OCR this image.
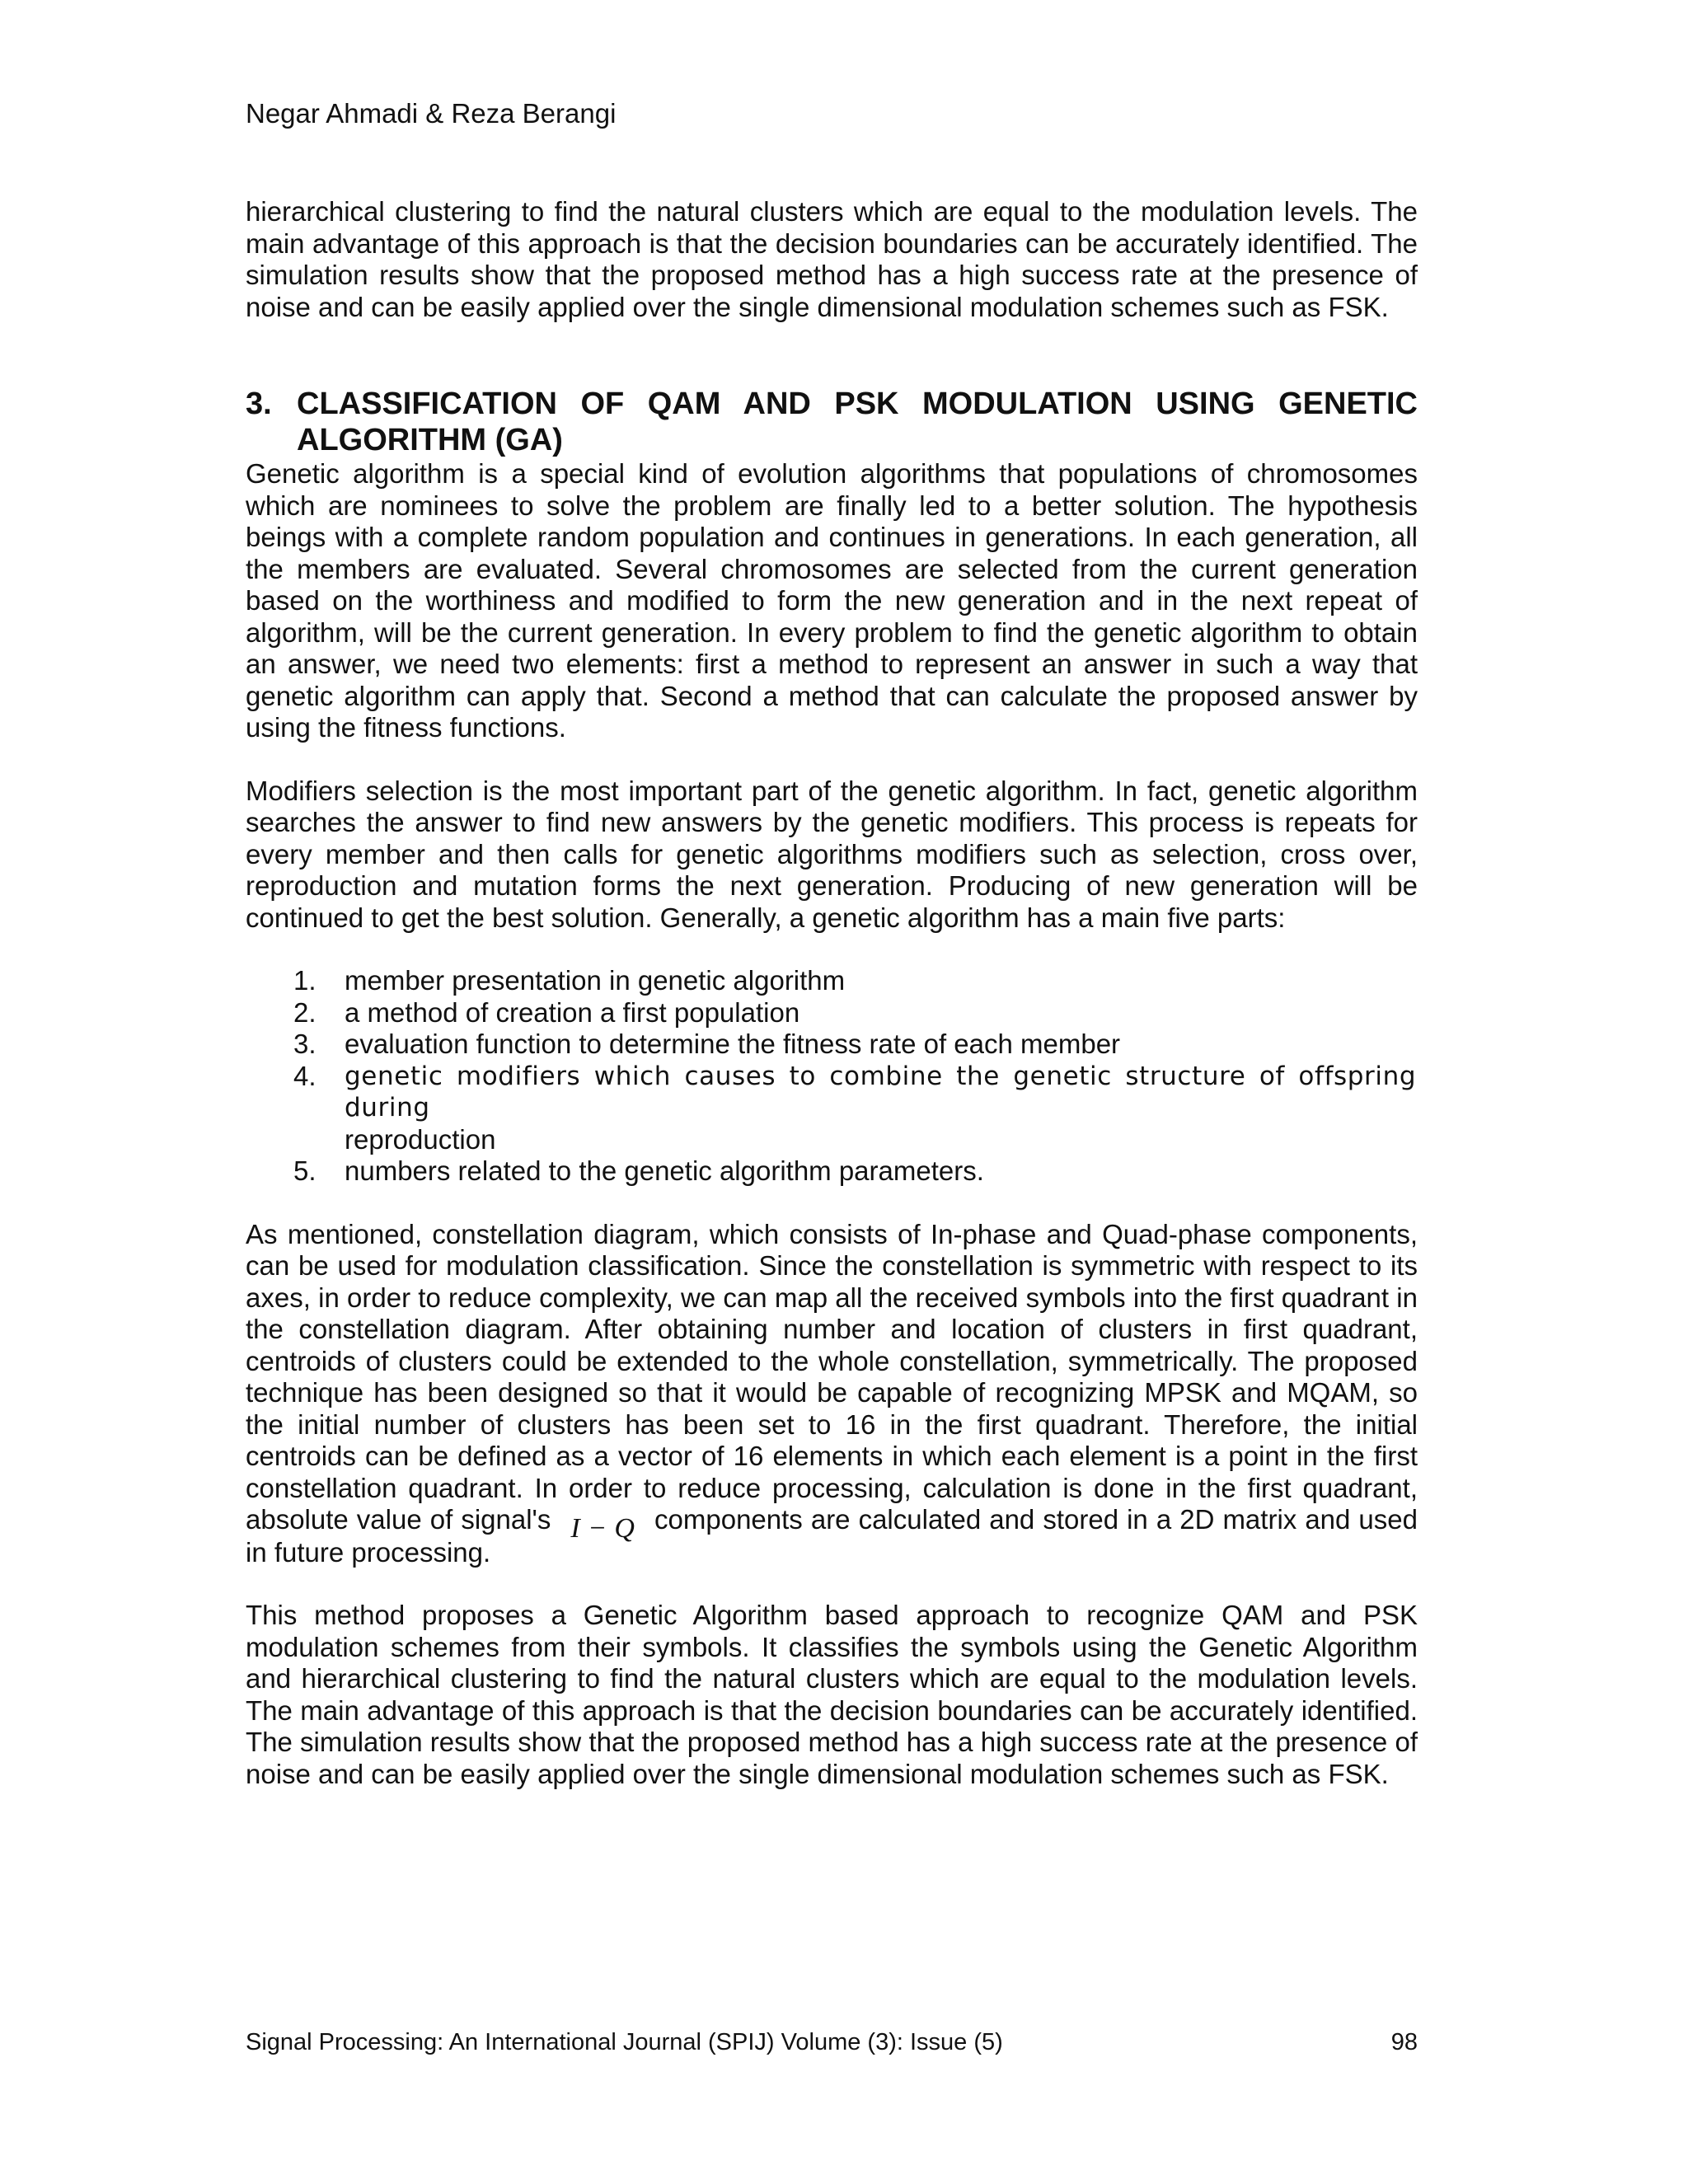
Negar Ahmadi & Reza Berangi

hierarchical clustering to find the natural clusters which are equal to the modulation levels. The main advantage of this approach is that the decision boundaries can be accurately identified. The simulation results show that the proposed method has a high success rate at the presence of noise and can be easily applied over the single dimensional modulation schemes such as FSK.

3. CLASSIFICATION OF QAM AND PSK MODULATION USING GENETIC ALGORITHM (GA)

Genetic algorithm is a special kind of evolution algorithms that populations of chromosomes which are nominees to solve the problem are finally led to a better solution. The hypothesis beings with a complete random population and continues in generations. In each generation, all the members are evaluated. Several chromosomes are selected from the current generation based on the worthiness and modified to form the new generation and in the next repeat of algorithm, will be the current generation. In every problem to find the genetic algorithm to obtain an answer, we need two elements: first a method to represent an answer in such a way that genetic algorithm can apply that. Second a method that can calculate the proposed answer by using the fitness functions.

Modifiers selection is the most important part of the genetic algorithm. In fact, genetic algorithm searches the answer to find new answers by the genetic modifiers. This process is repeats for every member and then calls for genetic algorithms modifiers such as selection, cross over, reproduction and mutation forms the next generation. Producing of new generation will be continued to get the best solution. Generally, a genetic algorithm has a main five parts:

1.	member presentation in genetic algorithm
2.	a method of creation a first population
3.	evaluation function to determine the fitness rate of each member
4.	genetic modifiers which causes to combine the genetic structure of offspring
during
reproduction
5.	numbers related to the genetic algorithm parameters.

As mentioned, constellation diagram, which consists of In-phase and Quad-phase components, can be used for modulation classification. Since the constellation is symmetric with respect to its axes, in order to reduce complexity, we can map all the received symbols into the first quadrant in the constellation diagram. After obtaining number and location of clusters in first quadrant, centroids of clusters could be extended to the whole constellation, symmetrically. The proposed technique has been designed so that it would be capable of recognizing MPSK and MQAM, so the initial number of clusters has been set to 16 in the first quadrant. Therefore, the initial centroids can be defined as a vector of 16 elements in which each element is a point in the first constellation quadrant. In order to reduce processing, calculation is done in the first quadrant, absolute value of signal's I − Q components are calculated and stored in a 2D matrix and used in future processing.

This method proposes a Genetic Algorithm based approach to recognize QAM and PSK modulation schemes from their symbols. It classifies the symbols using the Genetic Algorithm and hierarchical clustering to find the natural clusters which are equal to the modulation levels. The main advantage of this approach is that the decision boundaries can be accurately identified. The simulation results show that the proposed method has a high success rate at the presence of noise and can be easily applied over the single dimensional modulation schemes such as FSK.

Signal Processing: An International Journal (SPIJ) Volume (3): Issue (5)	98
